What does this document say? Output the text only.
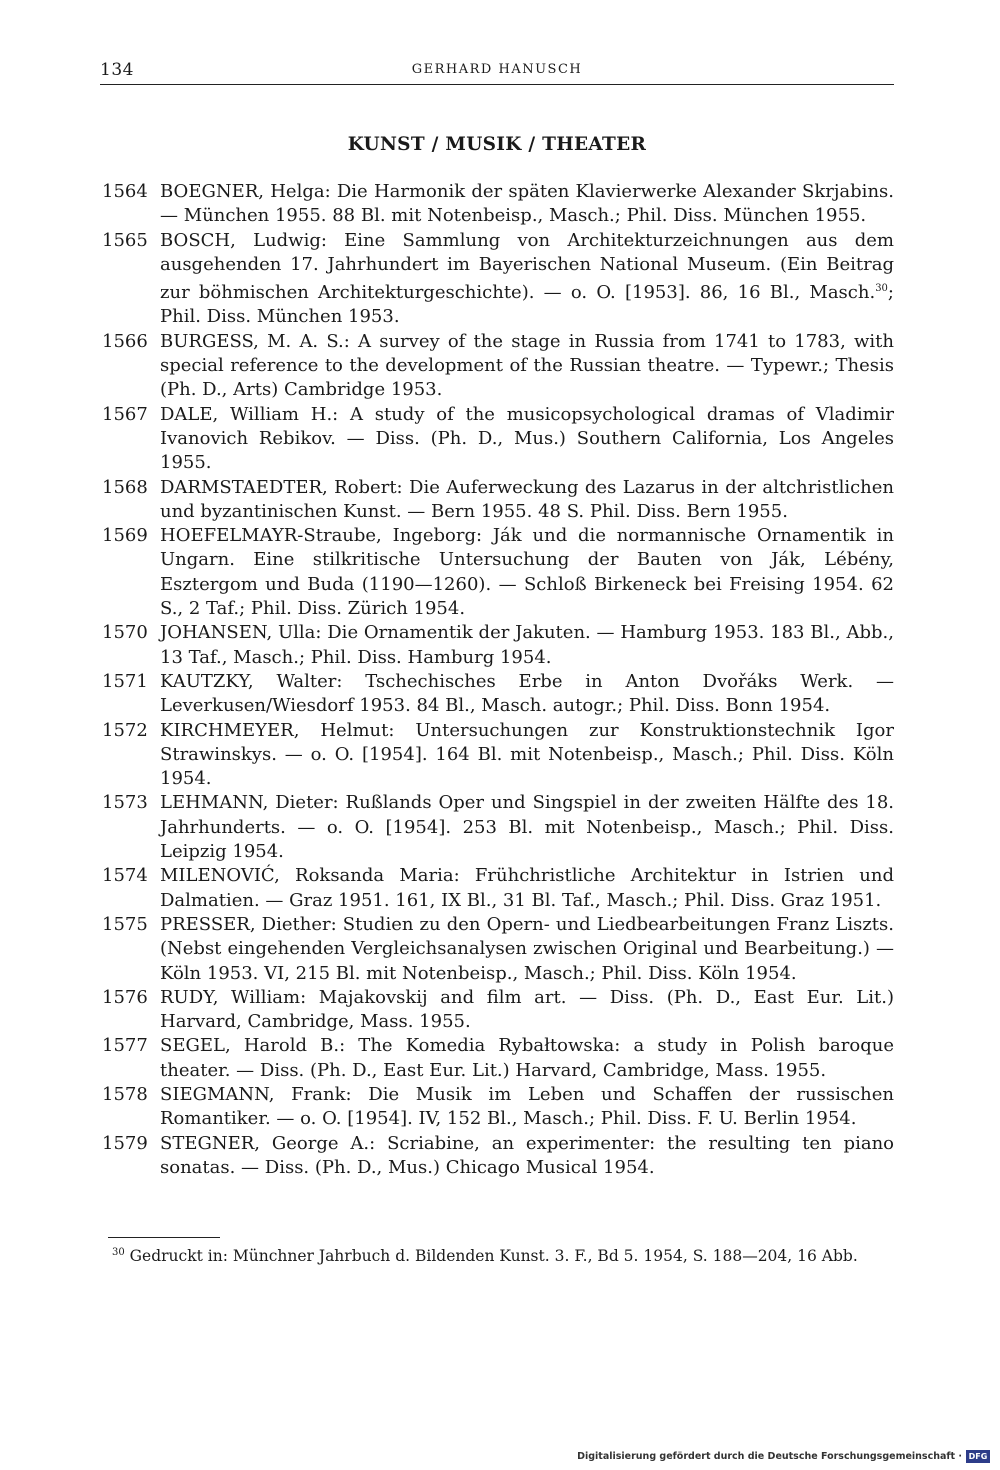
134	GERHARD HANUSCH
KUNST / MUSIK / THEATER
1564 BOEGNER, Helga: Die Harmonik der späten Klavierwerke Alexander Skrjabins. — München 1955. 88 Bl. mit Notenbeisp., Masch.; Phil. Diss. München 1955.
1565 BOSCH, Ludwig: Eine Sammlung von Architekturzeichnungen aus dem ausgehenden 17. Jahrhundert im Bayerischen National Museum. (Ein Beitrag zur böhmischen Architekturgeschichte). — o. O. [1953]. 86, 16 Bl., Masch.$^{30}$; Phil. Diss. München 1953.
1566 BURGESS, M. A. S.: A survey of the stage in Russia from 1741 to 1783, with special reference to the development of the Russian theatre. — Typewr.; Thesis (Ph. D., Arts) Cambridge 1953.
1567 DALE, William H.: A study of the musicopsychological dramas of Vladimir Ivanovich Rebikov. — Diss. (Ph. D., Mus.) Southern California, Los Angeles 1955.
1568 DARMSTAEDTER, Robert: Die Auferweckung des Lazarus in der altchristlichen und byzantinischen Kunst. — Bern 1955. 48 S. Phil. Diss. Bern 1955.
1569 HOEFELMAYR-Straube, Ingeborg: Ják und die normannische Ornamentik in Ungarn. Eine stilkritische Untersuchung der Bauten von Ják, Lébény, Esztergom und Buda (1190—1260). — Schloß Birkeneck bei Freising 1954. 62 S., 2 Taf.; Phil. Diss. Zürich 1954.
1570 JOHANSEN, Ulla: Die Ornamentik der Jakuten. — Hamburg 1953. 183 Bl., Abb., 13 Taf., Masch.; Phil. Diss. Hamburg 1954.
1571 KAUTZKY, Walter: Tschechisches Erbe in Anton Dvořáks Werk. — Leverkusen/Wiesdorf 1953. 84 Bl., Masch. autogr.; Phil. Diss. Bonn 1954.
1572 KIRCHMEYER, Helmut: Untersuchungen zur Konstruktionstechnik Igor Strawinskys. — o. O. [1954]. 164 Bl. mit Notenbeisp., Masch.; Phil. Diss. Köln 1954.
1573 LEHMANN, Dieter: Rußlands Oper und Singspiel in der zweiten Hälfte des 18. Jahrhunderts. — o. O. [1954]. 253 Bl. mit Notenbeisp., Masch.; Phil. Diss. Leipzig 1954.
1574 MILENOVIĆ, Roksanda Maria: Frühchristliche Architektur in Istrien und Dalmatien. — Graz 1951. 161, IX Bl., 31 Bl. Taf., Masch.; Phil. Diss. Graz 1951.
1575 PRESSER, Diether: Studien zu den Opern- und Liedbearbeitungen Franz Liszts. (Nebst eingehenden Vergleichsanalysen zwischen Original und Bearbeitung.) — Köln 1953. VI, 215 Bl. mit Notenbeisp., Masch.; Phil. Diss. Köln 1954.
1576 RUDY, William: Majakovskij and film art. — Diss. (Ph. D., East Eur. Lit.) Harvard, Cambridge, Mass. 1955.
1577 SEGEL, Harold B.: The Komedia Rybałtowska: a study in Polish baroque theater. — Diss. (Ph. D., East Eur. Lit.) Harvard, Cambridge, Mass. 1955.
1578 SIEGMANN, Frank: Die Musik im Leben und Schaffen der russischen Romantiker. — o. O. [1954]. IV, 152 Bl., Masch.; Phil. Diss. F. U. Berlin 1954.
1579 STEGNER, George A.: Scriabine, an experimenter: the resulting ten piano sonatas. — Diss. (Ph. D., Mus.) Chicago Musical 1954.
$^{30}$ Gedruckt in: Münchner Jahrbuch d. Bildenden Kunst. 3. F., Bd 5. 1954, S. 188—204, 16 Abb.
Digitalisierung gefördert durch die Deutsche Forschungsgemeinschaft · DFG
